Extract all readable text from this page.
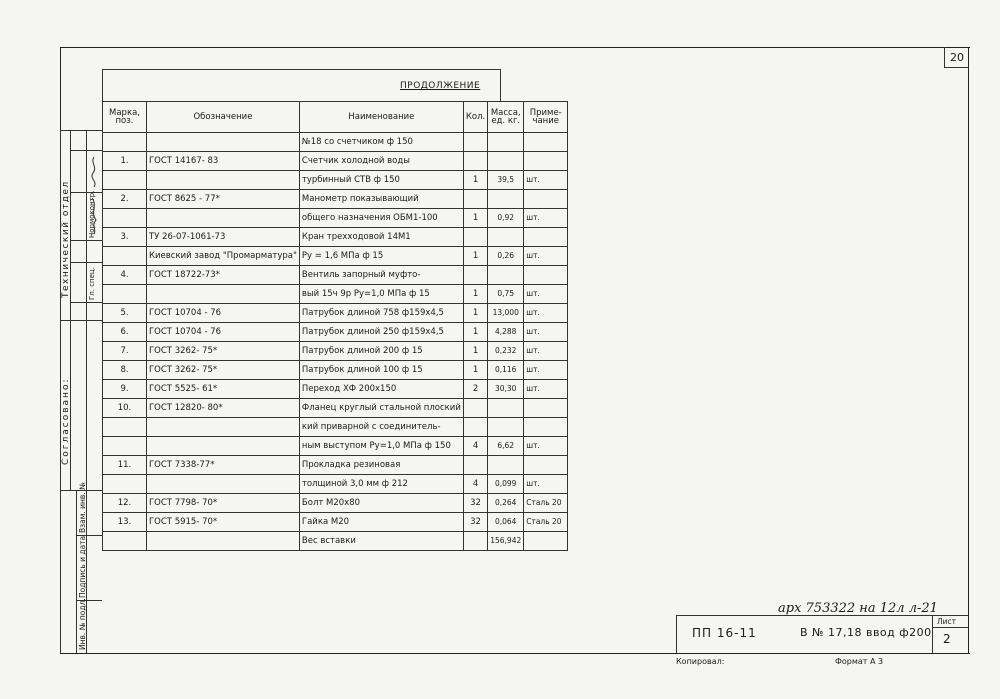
20
ПРОДОЛЖЕНИЕ
Марка, поз.	Обозначение	Наименование	Кол.	Масса, ед. кг.	Приме- чание
		№18 со счетчиком ф 150			
1.	ГОСТ 14167- 83	Счетчик холодной воды			
		турбинный СТВ ф 150	1	39,5	шт.
2.	ГОСТ 8625 - 77*	Манометр показывающий			
		общего назначения ОБМ1-100	1	0,92	шт.
3.	ТУ 26-07-1061-73	Кран трехходовой 14М1			
	Киевский завод "Промарматура"	Ру = 1,6 МПа ф 15	1	0,26	шт.
4.	ГОСТ 18722-73*	Вентиль запорный муфто-			
		вый 15ч 9р Ру=1,0 МПа ф 15	1	0,75	шт.
5.	ГОСТ 10704 - 76	Патрубок длиной 758 ф159х4,5	1	13,000	шт.
6.	ГОСТ 10704 - 76	Патрубок длиной 250 ф159х4,5	1	4,288	шт.
7.	ГОСТ 3262- 75*	Патрубок длиной 200 ф 15	1	0,232	шт.
8.	ГОСТ 3262- 75*	Патрубок длиной 100 ф 15	1	0,116	шт.
9.	ГОСТ 5525- 61*	Переход ХФ 200х150	2	30,30	шт.
10.	ГОСТ 12820- 80*	Фланец круглый стальной плоский			
		кий приварной с соединитель-			
		ным выступом Ру=1,0 МПа ф 150	4	6,62	шт.
11.	ГОСТ 7338-77*	Прокладка резиновая			
		толщиной 3,0 мм ф 212	4	0,099	шт.
12.	ГОСТ 7798- 70*	Болт М20х80	32	0,264	Сталь 20
13.	ГОСТ 5915- 70*	Гайка М20	32	0,064	Сталь 20
		Вес вставки		156,942	
Технический отдел Нормоконтр.
Гл. спец.
Согласовано:
Инв. № подл.
Подпись и дата
Взам. инв. №
арх 753322 на 12л л-21
ПП 16-11	В № 17,18 ввод ф200
Лист
2
Копировал:	Формат А 3
